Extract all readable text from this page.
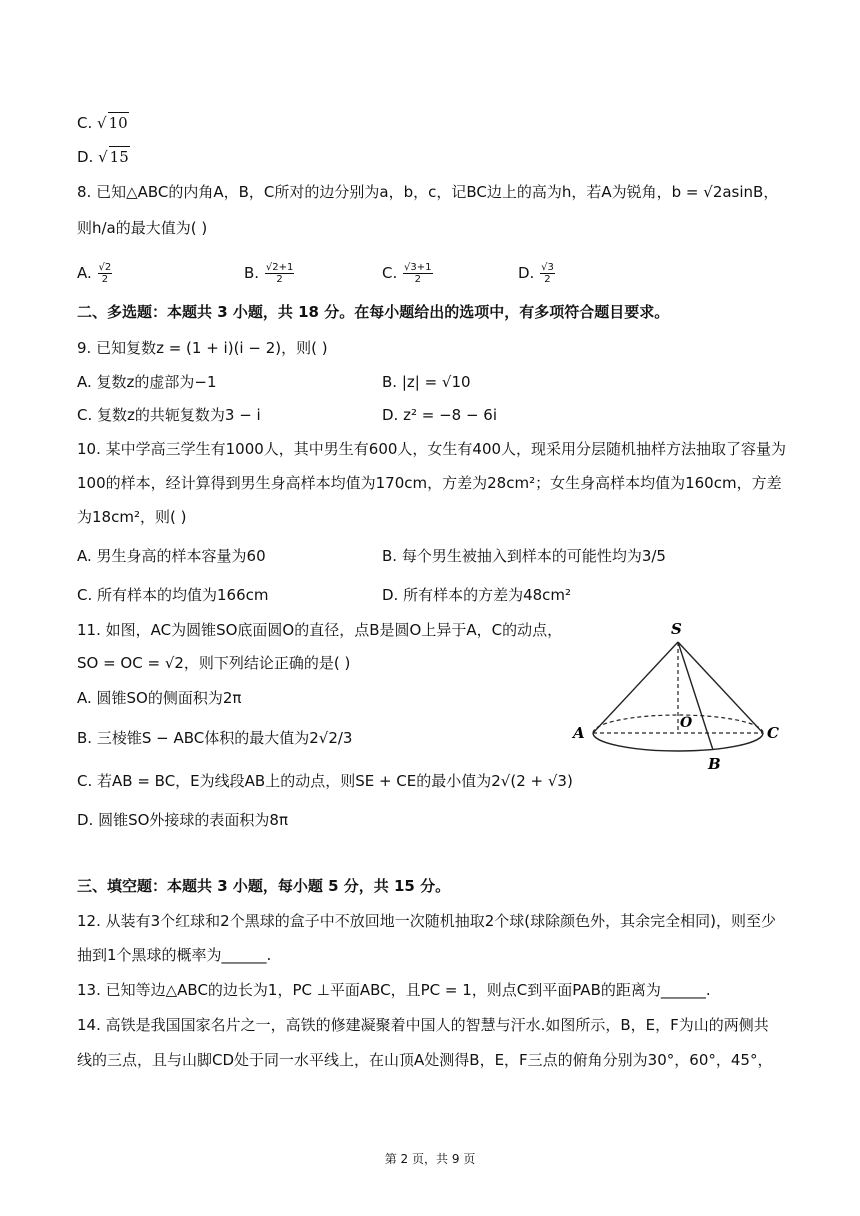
C. √ 10
D. √ 15
8. 已知△ABC的内角A，B，C所对的边分别为a，b，c，记BC边上的高为h，若A为锐角，b = √2asinB，
则h/a的最大值为( )
A. $\frac{√2}{2}$	B. $\frac{√2+1}{2}$	C. $\frac{√3+1}{2}$	D. $\frac{√3}{2}$
二、多选题：本题共 3 小题，共 18 分。在每小题给出的选项中，有多项符合题目要求。
9. 已知复数z = (1 + i)(i − 2)，则( )
A. 复数z的虚部为−1	B. |z| = √10
C. 复数z的共轭复数为3 − i	D. z² = −8 − 6i
10. 某中学高三学生有1000人，其中男生有600人，女生有400人，现采用分层随机抽样方法抽取了容量为
100的样本，经计算得到男生身高样本均值为170cm，方差为28cm²；女生身高样本均值为160cm，方差
为18cm²，则( )
A. 男生身高的样本容量为60	B. 每个男生被抽入到样本的可能性均为3/5
C. 所有样本的均值为166cm	D. 所有样本的方差为48cm²
11. 如图，AC为圆锥SO底面圆O的直径，点B是圆O上异于A，C的动点，
SO = OC = √2，则下列结论正确的是( )
A. 圆锥SO的侧面积为2π
B. 三棱锥S − ABC体积的最大值为2√2/3
C. 若AB = BC，E为线段AB上的动点，则SE + CE的最小值为2√(2 + √3)
D. 圆锥SO外接球的表面积为8π
S
O
A	C
B
三、填空题：本题共 3 小题，每小题 5 分，共 15 分。
12. 从装有3个红球和2个黑球的盒子中不放回地一次随机抽取2个球(球除颜色外，其余完全相同)，则至少
抽到1个黑球的概率为______.
13. 已知等边△ABC的边长为1，PC ⊥平面ABC，且PC = 1，则点C到平面PAB的距离为______.
14. 高铁是我国国家名片之一，高铁的修建凝聚着中国人的智慧与汗水.如图所示，B，E，F为山的两侧共
线的三点，且与山脚CD处于同一水平线上，在山顶A处测得B，E，F三点的俯角分别为30°，60°，45°，
第 2 页，共 9 页
